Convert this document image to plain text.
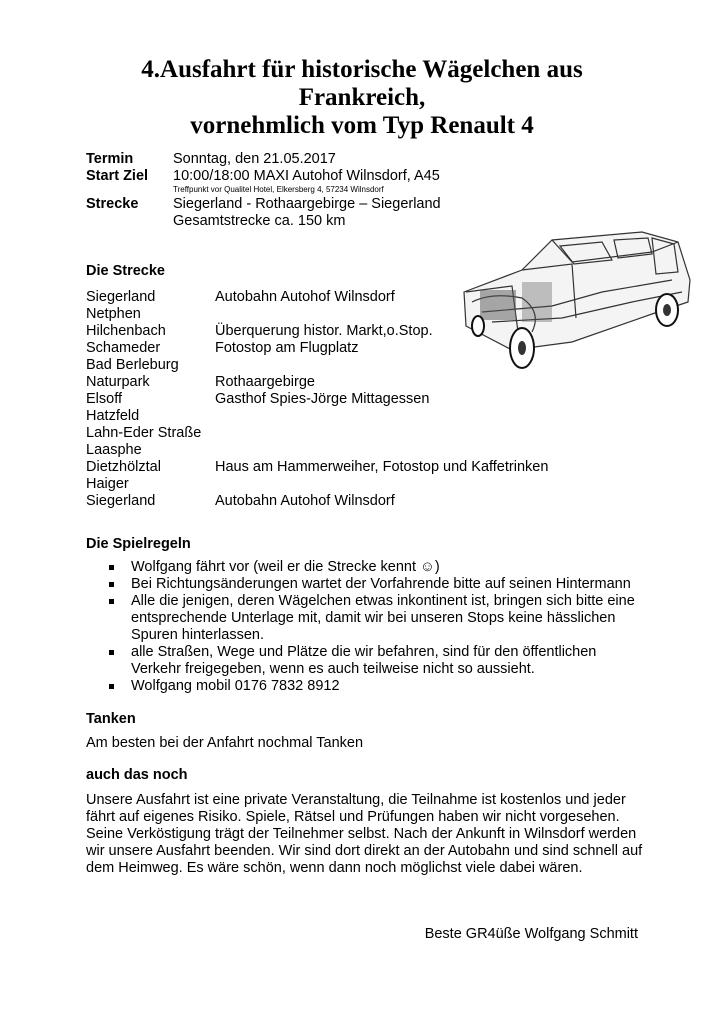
4.Ausfahrt für historische Wägelchen aus
Frankreich,
vornehmlich vom Typ Renault 4
Termin	Sonntag, den 21.05.2017
Start Ziel 10:00/18:00 MAXI Autohof Wilnsdorf, A45
Treffpunkt vor Qualitel Hotel, Elkersberg 4, 57234 Wilnsdorf
Strecke Siegerland - Rothaargebirge – Siegerland
Gesamtstrecke ca. 150 km
Die Strecke
Siegerland	Autobahn Autohof Wilnsdorf
Netphen
Hilchenbach	Überquerung histor. Markt,o.Stop.
Schameder	Fotostop am Flugplatz
Bad Berleburg
Naturpark	Rothaargebirge
Elsoff	Gasthof Spies-Jörge Mittagessen
Hatzfeld
Lahn-Eder Straße
Laasphe
Dietzhölztal	Haus am Hammerweiher, Fotostop und Kaffetrinken
Haiger
Siegerland	Autobahn Autohof Wilnsdorf
Die Spielregeln
Wolfgang fährt vor (weil er die Strecke kennt ☺)
Bei Richtungsänderungen wartet der Vorfahrende bitte auf seinen Hintermann
Alle die jenigen, deren Wägelchen etwas inkontinent ist, bringen sich bitte eine entsprechende Unterlage mit, damit wir bei unseren Stops keine hässlichen Spuren hinterlassen.
alle Straßen, Wege und Plätze die wir befahren, sind für den öffentlichen Verkehr freigegeben, wenn es auch teilweise nicht so aussieht.
Wolfgang mobil 0176 7832 8912
Tanken
Am besten bei der Anfahrt nochmal Tanken
auch das noch
Unsere Ausfahrt ist eine private Veranstaltung, die Teilnahme ist kostenlos und jeder fährt auf eigenes Risiko. Spiele, Rätsel und Prüfungen haben wir nicht vorgesehen. Seine Verköstigung trägt der Teilnehmer selbst. Nach der Ankunft in Wilnsdorf werden wir unsere Ausfahrt beenden. Wir sind dort direkt an der Autobahn und sind schnell auf dem Heimweg. Es wäre schön, wenn dann noch möglichst viele dabei wären.
Beste GR4üße Wolfgang Schmitt
